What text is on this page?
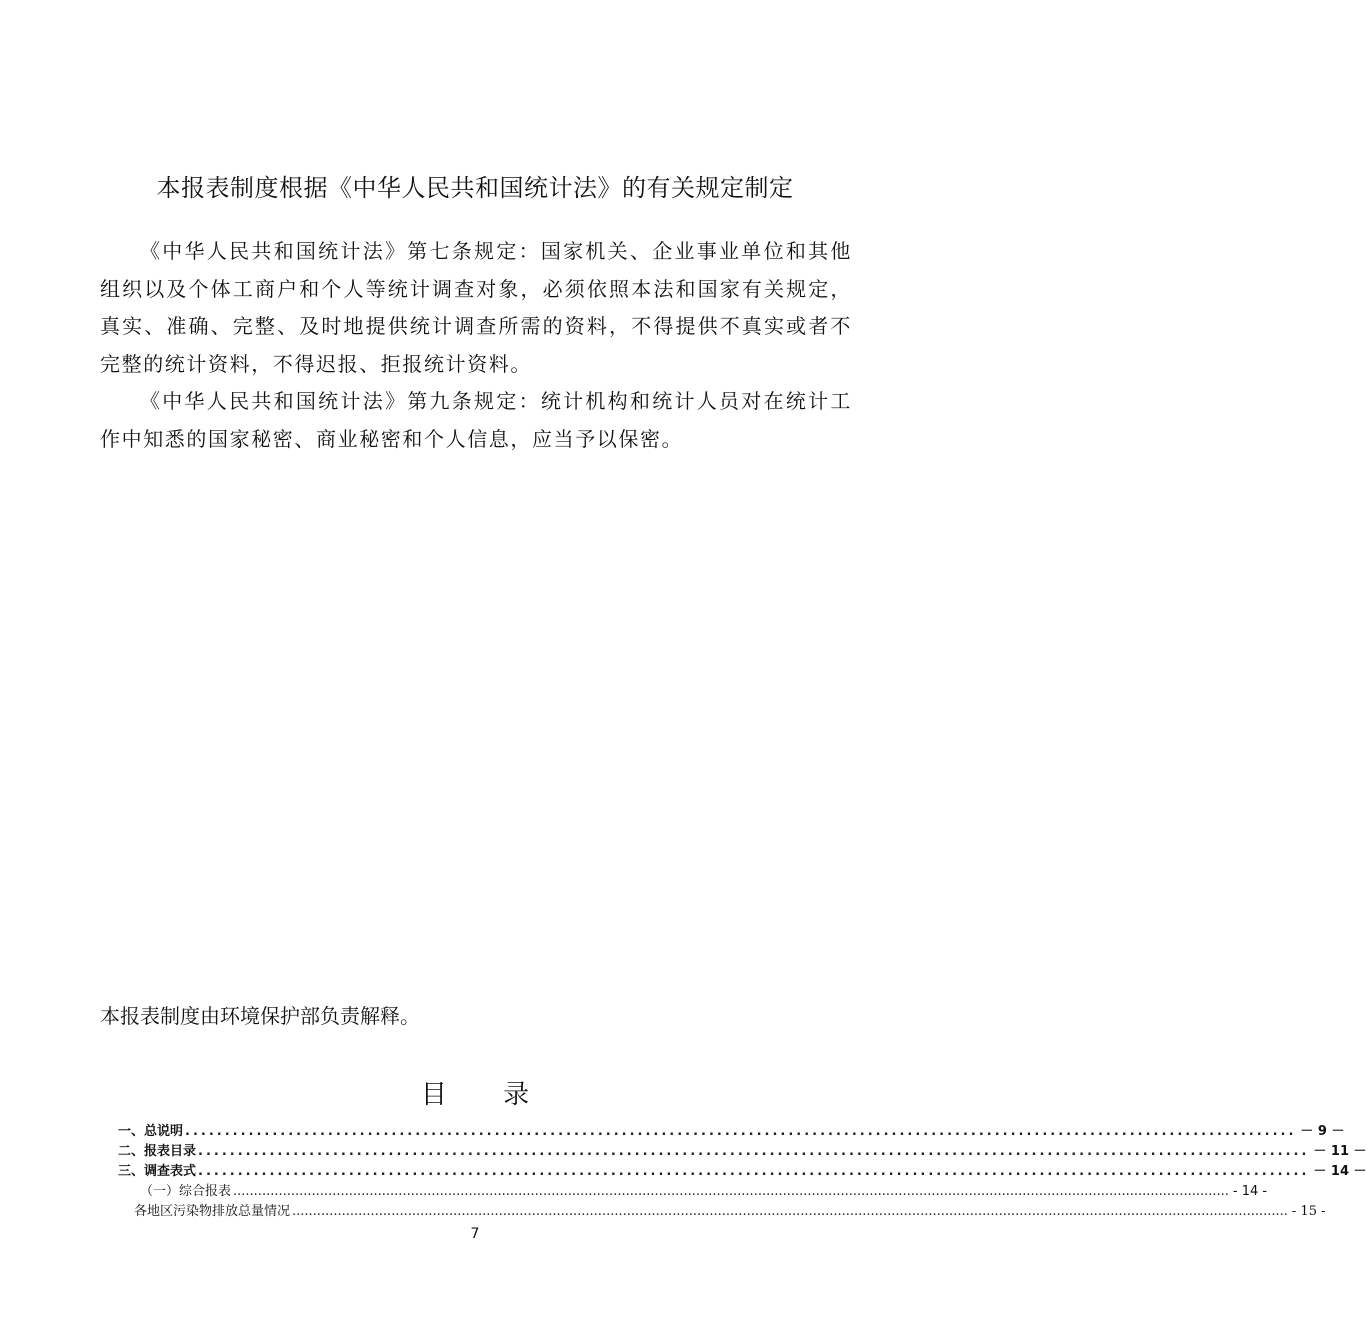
本报表制度根据《中华人民共和国统计法》的有关规定制定

《中华人民共和国统计法》第七条规定：国家机关、企业事业单位和其他组织以及个体工商户和个人等统计调查对象，必须依照本法和国家有关规定，真实、准确、完整、及时地提供统计调查所需的资料，不得提供不真实或者不完整的统计资料，不得迟报、拒报统计资料。

《中华人民共和国统计法》第九条规定：统计机构和统计人员对在统计工作中知悉的国家秘密、商业秘密和个人信息，应当予以保密。

本报表制度由环境保护部负责解释。
目 录
一、总说明 ............................................................................................................................................ － 9 －
二、报表目录 ............................................................................................................................................ － 11 －
三、调查表式 ............................................................................................................................................ － 14 －
（一）综合报表 ................................................................................................................................................................................................................................................. - 14 -
各地区污染物排放总量情况 ................................................................................................................................................................................................................................................. - 15 -
7
